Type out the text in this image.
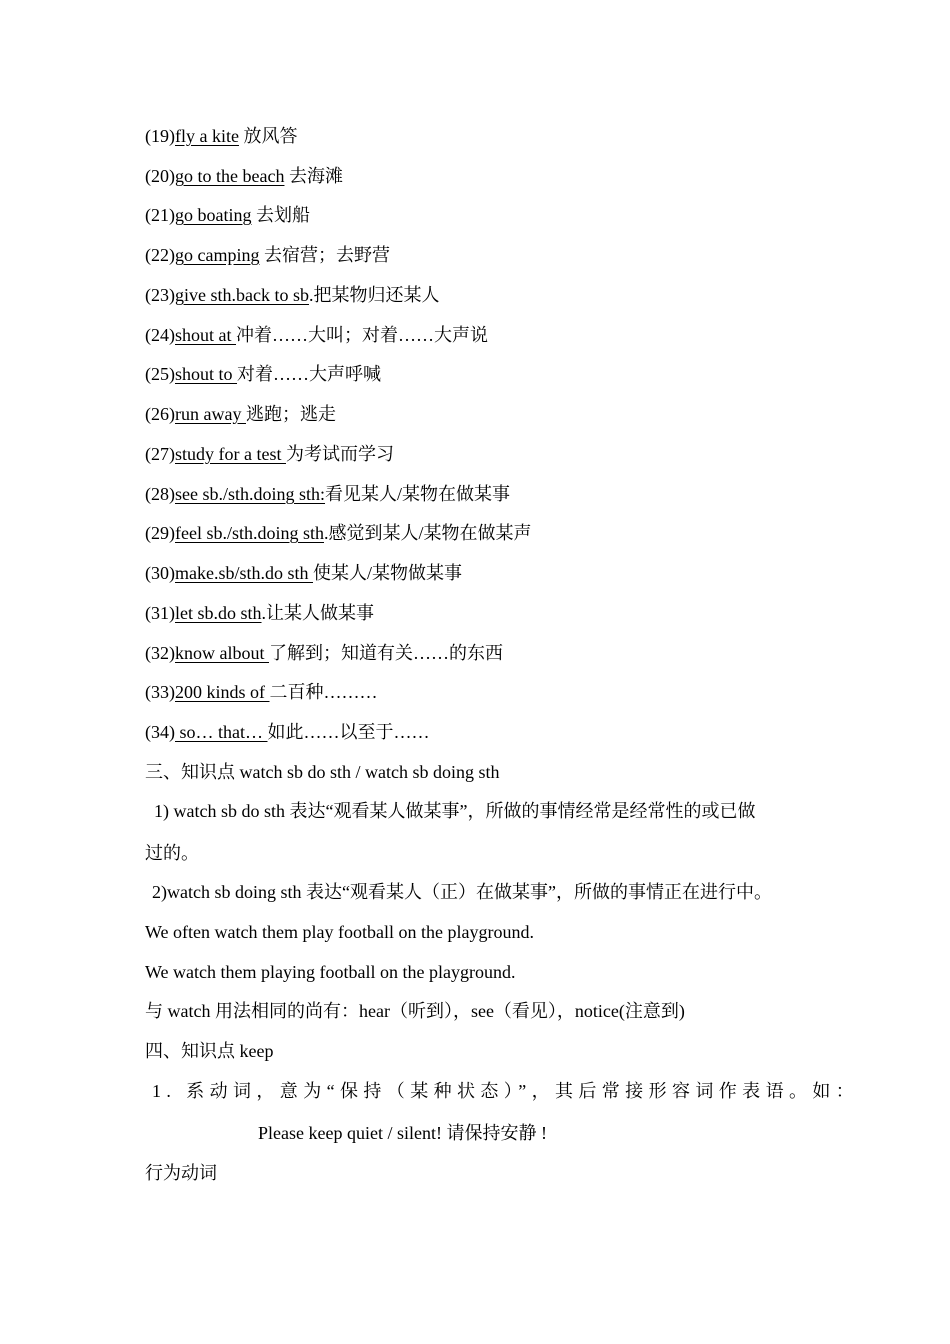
(19)fly a kite 放风答
(20)go to the beach 去海滩
(21)go boating 去划船
(22)go camping 去宿营；去野营
(23)give sth.back to sb.把某物归还某人
(24)shout at 冲着……大叫；对着……大声说
(25)shout to 对着……大声呼喊
(26)run away 逃跑；逃走
(27)study for a test 为考试而学习
(28)see sb./sth.doing sth:看见某人/某物在做某事
(29)feel sb./sth.doing sth.感觉到某人/某物在做某声
(30)make.sb/sth.do sth 使某人/某物做某事
(31)let sb.do sth.让某人做某事
(32)know albout 了解到；知道有关……的东西
(33)200 kinds of 二百种………
(34) so… that… 如此……以至于……
三、知识点 watch sb do sth / watch sb doing sth
1) watch sb do sth 表达“观看某人做某事”，所做的事情经常是经常性的或已做
过的。
2)watch sb doing sth 表达“观看某人（正）在做某事”，所做的事情正在进行中。
We often watch them play football on the playground.
We watch them playing football on the playground.
与 watch 用法相同的尚有：hear（听到），see（看见），notice(注意到)
四、知识点 keep
1. 系动词，意为“保持（某种状态）”，其后常接形容词作表语。如：
Please keep quiet / silent! 请保持安静 !
行为动词
